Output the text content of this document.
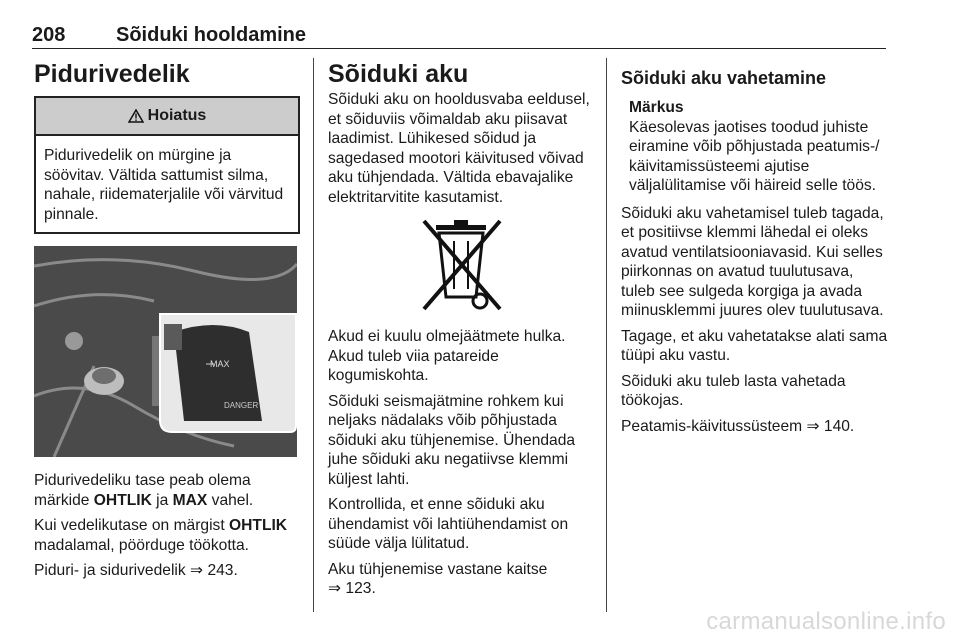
208	Sõiduki hooldamine
Pidurivedelik
Hoiatus

Pidurivedelik on mürgine ja söövitav. Vältida sattumist silma, nahale, riidematerjalile või värvitud pinnale.

MAX
DANGER

Pidurivedeliku tase peab olema märkide OHTLIK ja MAX vahel.

Kui vedelikutase on märgist OHTLIK madalamal, pöörduge töökotta.

Piduri- ja sidurivedelik ⇒ 243.

Sõiduki aku

Sõiduki aku on hooldusvaba eeldusel, et sõiduviis võimaldab aku piisavat laadimist. Lühikesed sõidud ja sagedased mootori käivitused võivad aku tühjendada. Vältida ebavajalike elektritarvitite kasutamist.

Akud ei kuulu olmejäätmete hulka. Akud tuleb viia patareide kogumiskohta.

Sõiduki seismajätmine rohkem kui neljaks nädalaks võib põhjustada sõiduki aku tühjenemise. Ühendada juhe sõiduki aku negatiivse klemmi küljest lahti.

Kontrollida, et enne sõiduki aku ühendamist või lahtiühendamist on süüde välja lülitatud.

Aku tühjenemise vastane kaitse
⇒ 123.

Sõiduki aku vahetamine
Märkus

Käesolevas jaotises toodud juhiste eiramine võib põhjustada peatumis-/ käivitamissüsteemi ajutise väljalülitamise või häireid selle töös.

Sõiduki aku vahetamisel tuleb tagada, et positiivse klemmi lähedal ei oleks avatud ventilatsiooniavasid. Kui selles piirkonnas on avatud tuulutusava, tuleb see sulgeda korgiga ja avada miinusklemmi juures olev tuulutusava.

Tagage, et aku vahetatakse alati sama tüüpi aku vastu.

Sõiduki aku tuleb lasta vahetada töökojas.

Peatamis-käivitussüsteem ⇒ 140.

carmanualsonline.info
